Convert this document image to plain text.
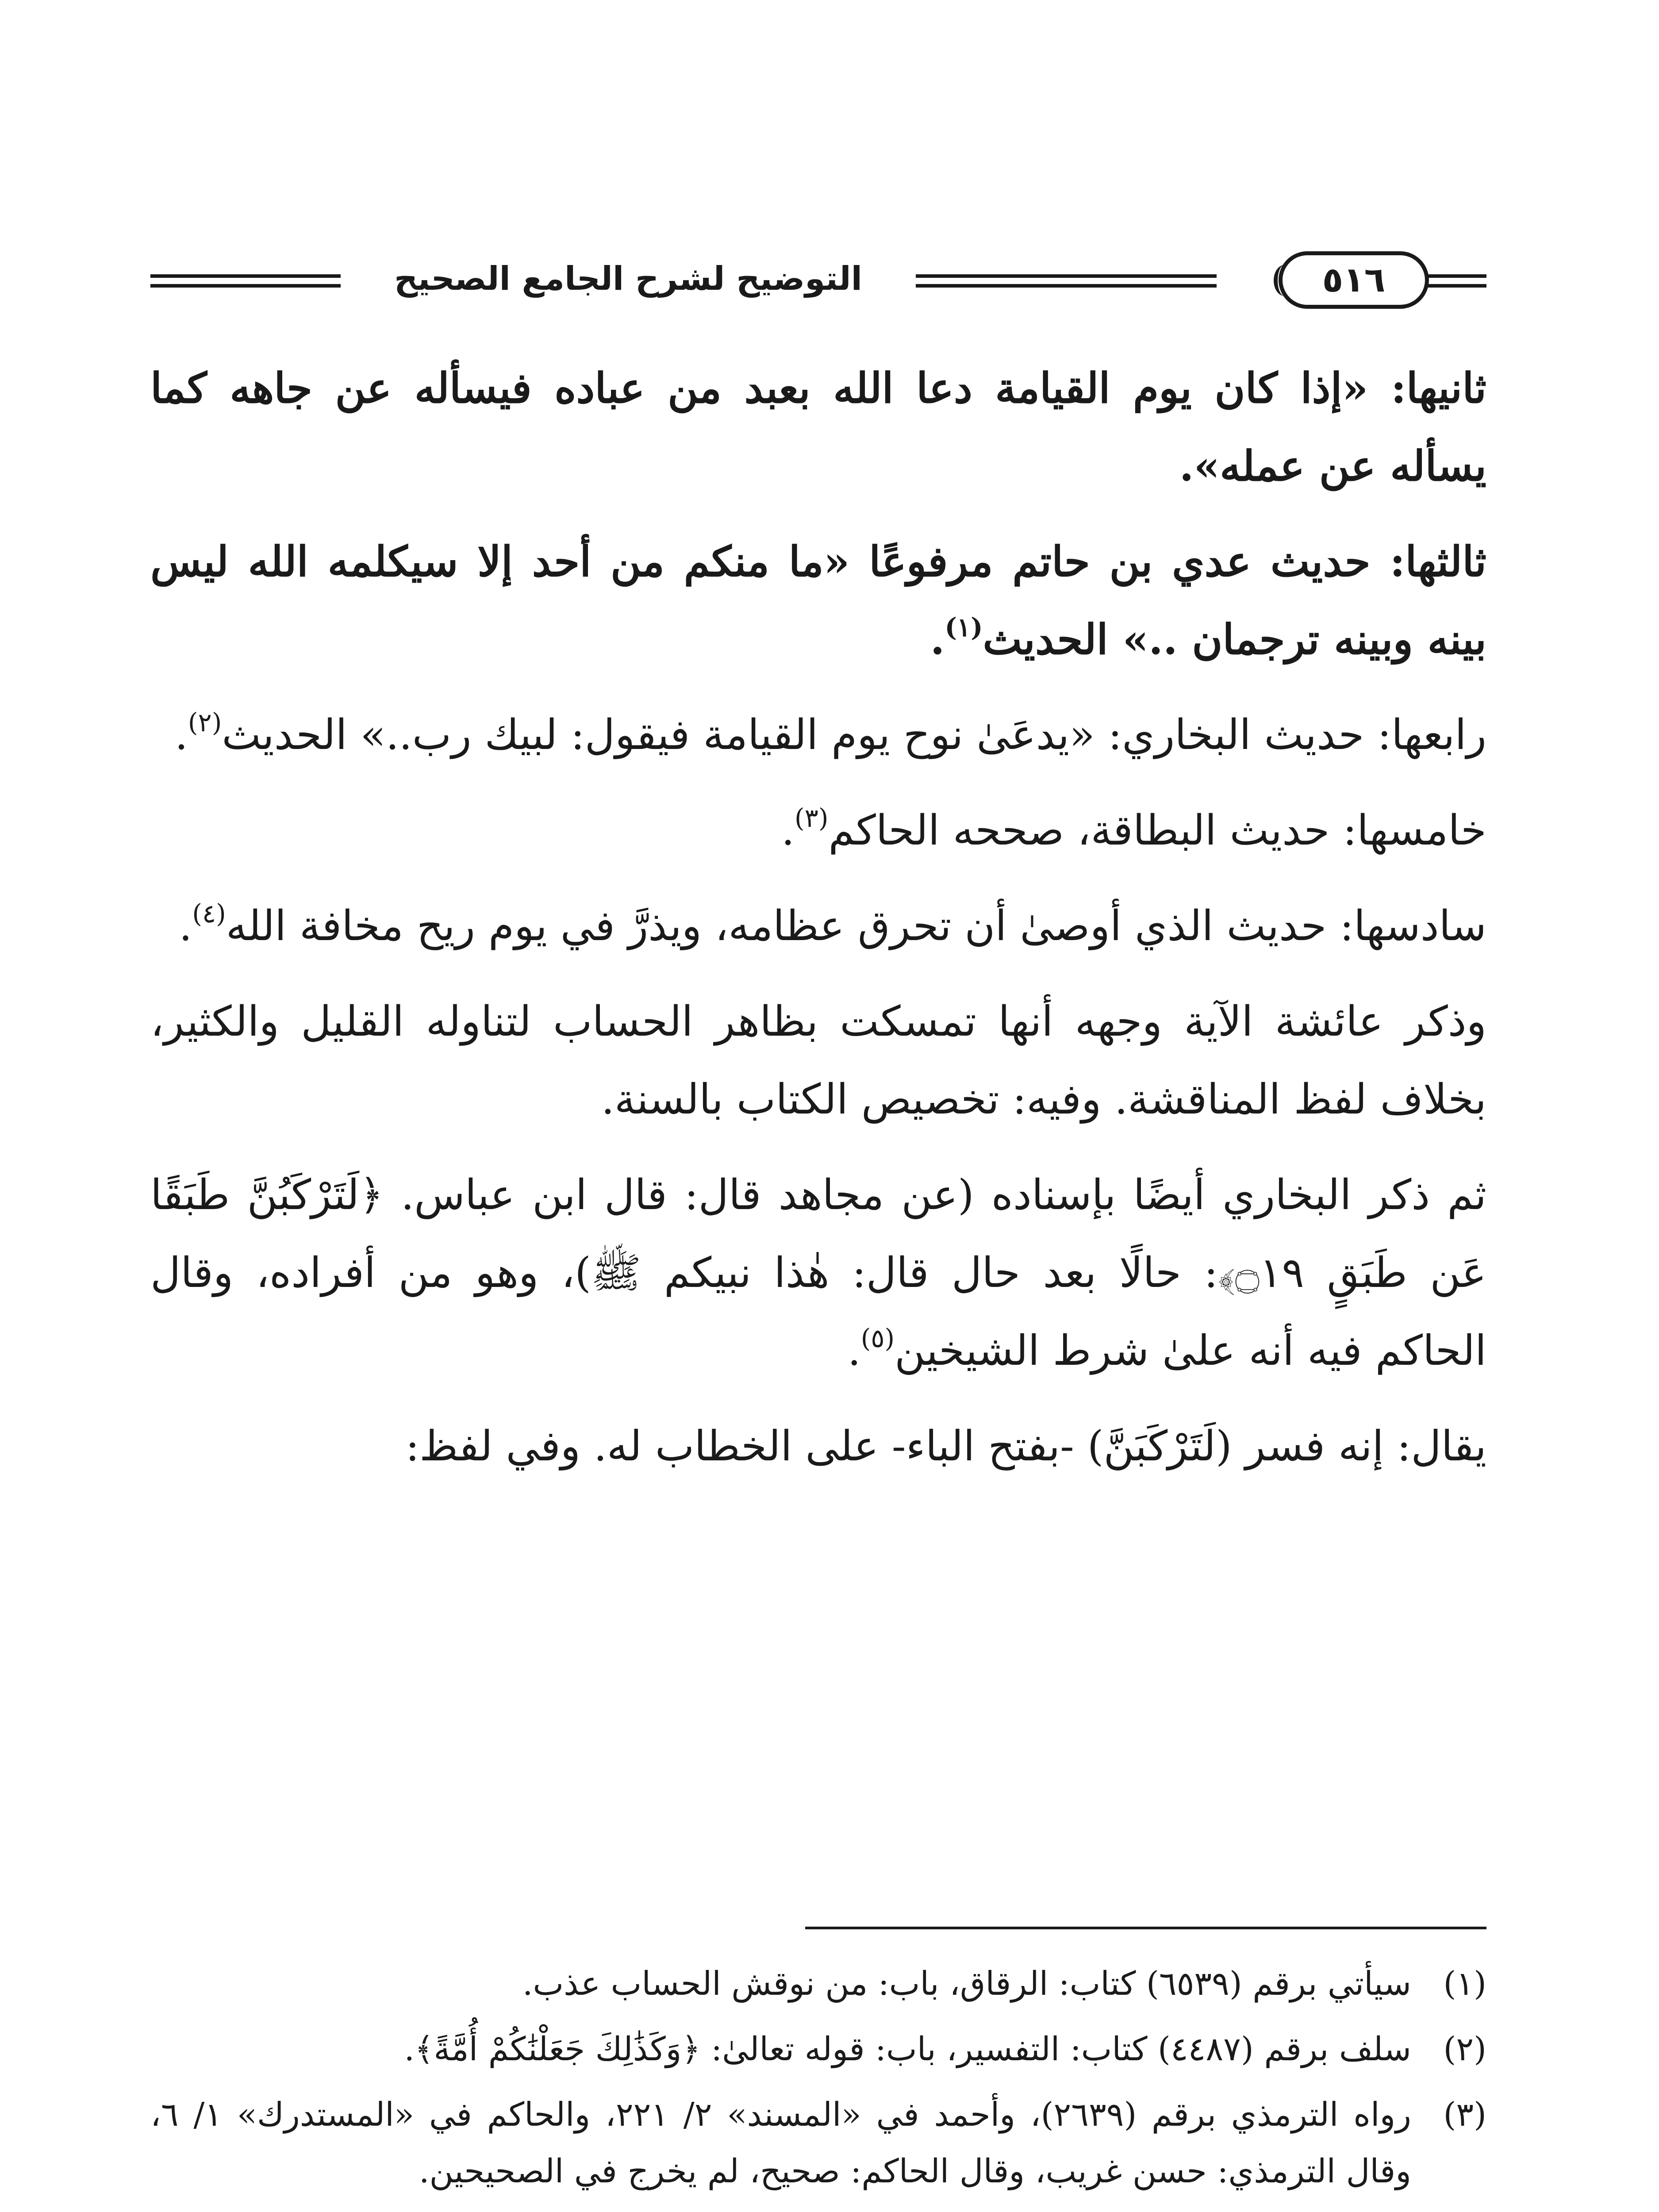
٥١٦
التوضيح لشرح الجامع الصحيح

ثانيها: «إذا كان يوم القيامة دعا الله بعبد من عباده فيسأله عن جاهه كما يسأله عن عمله».

ثالثها: حديث عدي بن حاتم مرفوعًا «ما منكم من أحد إلا سيكلمه الله ليس بينه وبينه ترجمان ..» الحديث$^{(١)}$.

رابعها: حديث البخاري: «يدعَىٰ نوح يوم القيامة فيقول: لبيك رب..» الحديث$^{(٢)}$.

خامسها: حديث البطاقة، صححه الحاكم$^{(٣)}$.

سادسها: حديث الذي أوصىٰ أن تحرق عظامه، ويذرَّ في يوم ريح مخافة الله$^{(٤)}$.

وذكر عائشة الآية وجهه أنها تمسكت بظاهر الحساب لتناوله القليل والكثير، بخلاف لفظ المناقشة. وفيه: تخصيص الكتاب بالسنة.

ثم ذكر البخاري أيضًا بإسناده (عن مجاهد قال: قال ابن عباس. ﴿لَتَرْكَبُنَّ طَبَقًا عَن طَبَقٍ ۝١٩﴾: حالًا بعد حال قال: هٰذا نبيكم ﷺ)، وهو من أفراده، وقال الحاكم فيه أنه علىٰ شرط الشيخين$^{(٥)}$.

يقال: إنه فسر (لَتَرْكَبَنَّ) -بفتح الباء- على الخطاب له. وفي لفظ:

(١)
سيأتي برقم (٦٥٣٩) كتاب: الرقاق، باب: من نوقش الحساب عذب.
(٢)
سلف برقم (٤٤٨٧) كتاب: التفسير، باب: قوله تعالىٰ: ﴿وَكَذَٰلِكَ جَعَلْنَٰكُمْ أُمَّةً﴾.
(٣)
رواه الترمذي برقم (٢٦٣٩)، وأحمد في «المسند» ٢/ ٢٢١، والحاكم في «المستدرك» ١/ ٦، وقال الترمذي: حسن غريب، وقال الحاكم: صحيح، لم يخرج في الصحيحين.
